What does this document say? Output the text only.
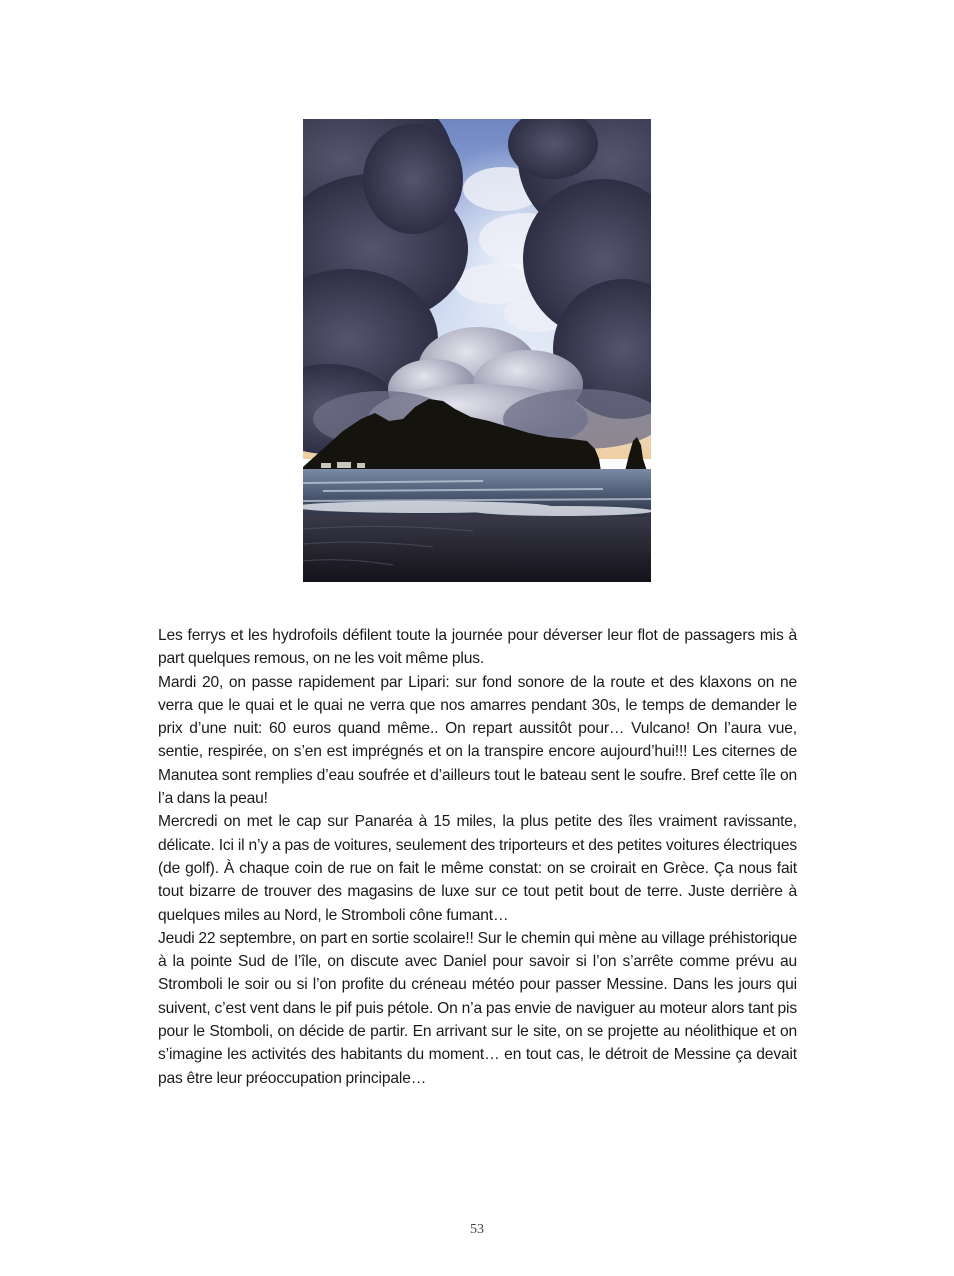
Les ferrys et les hydrofoils défilent toute la journée pour déverser leur flot de passagers mis à part quelques remous, on ne les voit même plus.

Mardi 20, on passe rapidement par Lipari: sur fond sonore de la route et des klaxons on ne verra que le quai et le quai ne verra que nos amarres pendant 30s, le temps de demander le prix d’une nuit: 60 euros quand même.. On repart aussitôt pour… Vulcano! On l’aura vue, sentie, respirée, on s’en est imprégnés et on la transpire encore aujourd’hui!!! Les citernes de Manutea sont remplies d’eau soufrée et d’ailleurs tout le bateau sent le soufre. Bref cette île on l’a dans la peau!

Mercredi on met le cap sur Panaréa à 15 miles, la plus petite des îles vraiment ravissante, délicate. Ici il n’y a pas de voitures, seulement des triporteurs et des petites voitures électriques (de golf). À chaque coin de rue on fait le même constat: on se croirait en Grèce. Ça nous fait tout bizarre de trouver des magasins de luxe sur ce tout petit bout de terre. Juste derrière à quelques miles au Nord, le Stromboli cône fumant…

Jeudi 22 septembre, on part en sortie scolaire!! Sur le chemin qui mène au village préhistorique à la pointe Sud de l’île, on discute avec Daniel pour savoir si l’on s’arrête comme prévu au Stromboli le soir ou si l’on profite du créneau météo pour passer Messine. Dans les jours qui suivent, c’est vent dans le pif puis pétole. On n’a pas envie de naviguer au moteur alors tant pis pour le Stomboli, on décide de partir. En arrivant sur le site, on se projette au néolithique et on s’imagine les activités des habitants du moment… en tout cas, le détroit de Messine ça devait pas être leur préoccupation principale…

53
